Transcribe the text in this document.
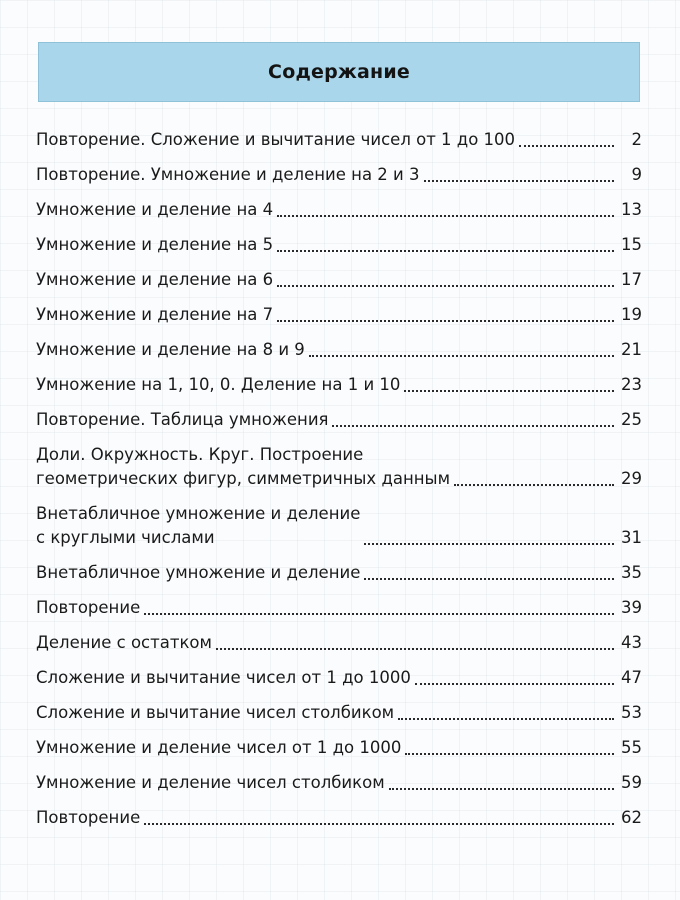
Содержание
Повторение. Сложение и вычитание чисел от 1 до 100	2
Повторение. Умножение и деление на 2 и 3	9
Умножение и деление на 4	13
Умножение и деление на 5	15
Умножение и деление на 6	17
Умножение и деление на 7	19
Умножение и деление на 8 и 9	21
Умножение на 1, 10, 0. Деление на 1 и 10	23
Повторение. Таблица умножения	25
Доли. Окружность. Круг. Построение
геометрических фигур, симметричных данным	29
Внетабличное умножение и деление
с круглыми числами	31
Внетабличное умножение и деление	35
Повторение	39
Деление с остатком	43
Сложение и вычитание чисел от 1 до 1000	47
Сложение и вычитание чисел столбиком	53
Умножение и деление чисел от 1 до 1000	55
Умножение и деление чисел столбиком	59
Повторение	62
